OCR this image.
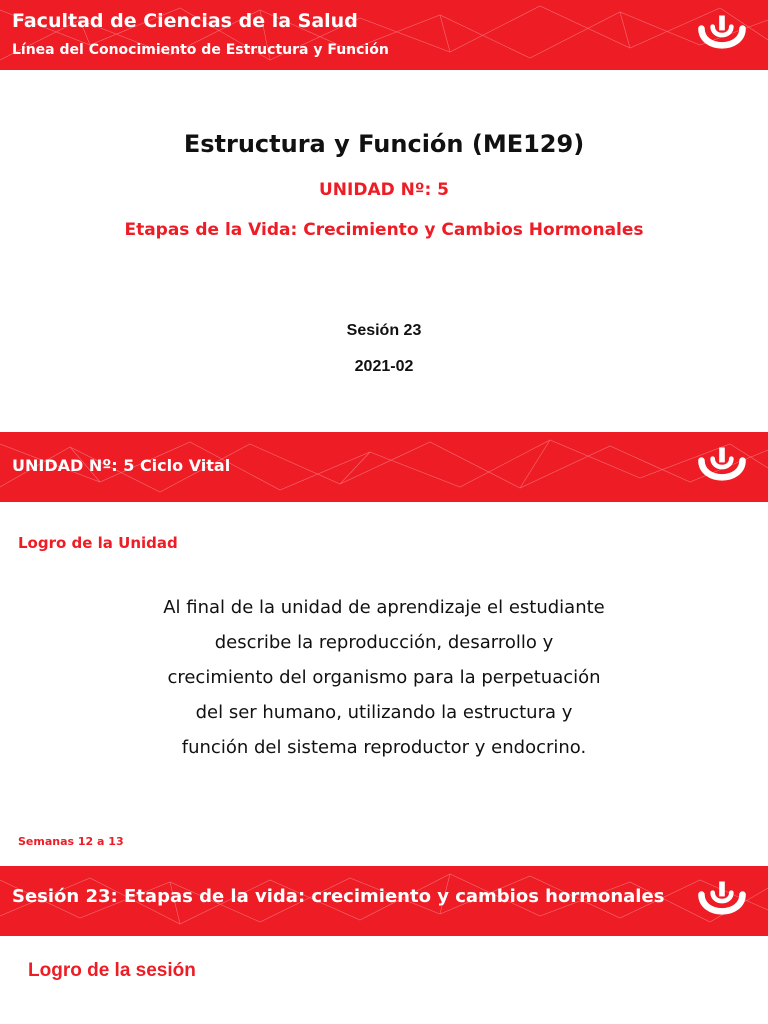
Facultad de Ciencias de la Salud
Línea del Conocimiento de Estructura y Función
Estructura y Función (ME129)
UNIDAD Nº: 5
Etapas de la Vida: Crecimiento y Cambios Hormonales
Sesión 23
2021-02
UNIDAD Nº: 5 Ciclo Vital
Logro de la Unidad
Al final de la unidad de aprendizaje el estudiante
describe la reproducción, desarrollo y
crecimiento del organismo para la perpetuación
del ser humano, utilizando la estructura y
función del sistema reproductor y endocrino.
Semanas 12 a 13
Sesión 23: Etapas de la vida: crecimiento y cambios hormonales
Logro de la sesión
